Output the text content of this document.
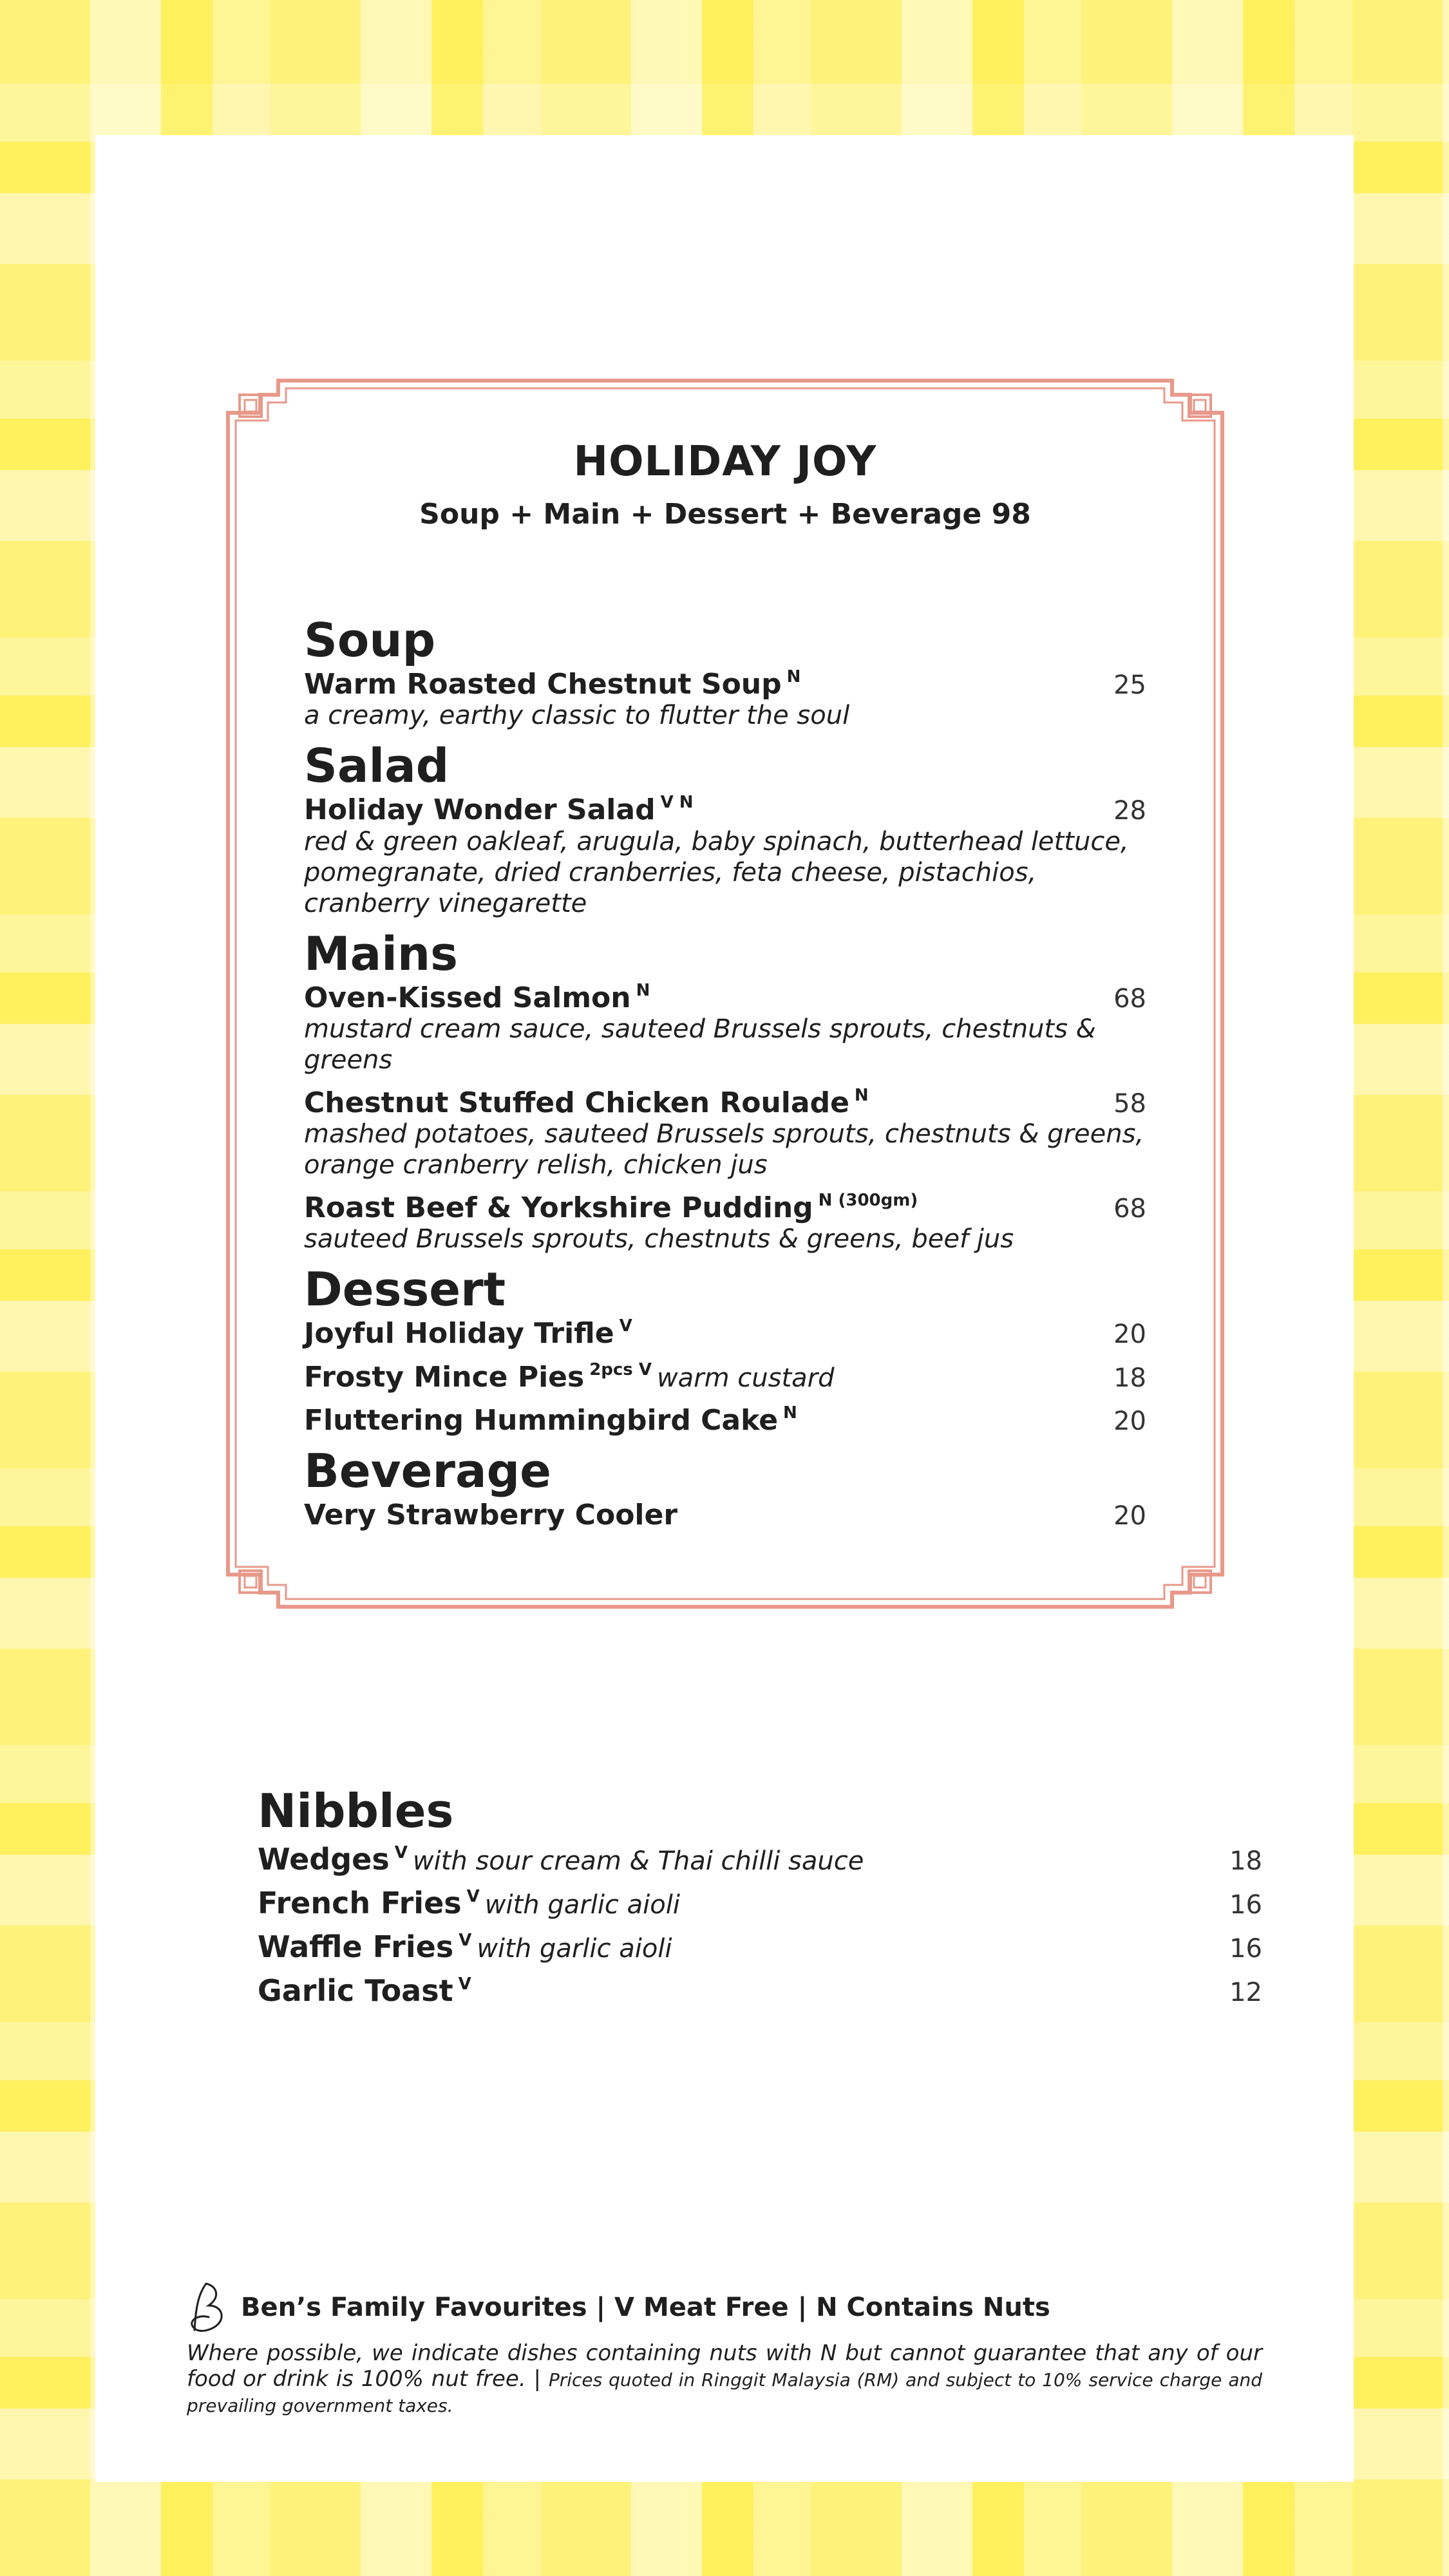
HOLIDAY JOY
Soup + Main + Dessert + Beverage 98
Soup
Warm Roasted Chestnut Soup $^N$	25
a creamy, earthy classic to flutter the soul
Salad
Holiday Wonder Salad $^{V N}$	28
red & green oakleaf, arugula, baby spinach, butterhead lettuce, pomegranate, dried cranberries, feta cheese, pistachios, cranberry vinegarette
Mains
Oven-Kissed Salmon $^N$	68
mustard cream sauce, sauteed Brussels sprouts, chestnuts & greens
Chestnut Stuffed Chicken Roulade $^N$	58
mashed potatoes, sauteed Brussels sprouts, chestnuts & greens, orange cranberry relish, chicken jus
Roast Beef & Yorkshire Pudding $^{N (300gm)}$	68
sauteed Brussels sprouts, chestnuts & greens, beef jus
Dessert
Joyful Holiday Trifle $^V$	20
Frosty Mince Pies $^{2pcs V}$ warm custard	18
Fluttering Hummingbird Cake $^N$	20
Beverage
Very Strawberry Cooler	20
Nibbles
Wedges V with sour cream & Thai chilli sauce	18
French Fries V with garlic aioli	16
Waffle Fries V with garlic aioli	16
Garlic Toast V	12
Ben’s Family Favourites | V Meat Free | N Contains Nuts
Where possible, we indicate dishes containing nuts with N but cannot guarantee that any of our food or drink is 100% nut free. | Prices quoted in Ringgit Malaysia (RM) and subject to 10% service charge and prevailing government taxes.
